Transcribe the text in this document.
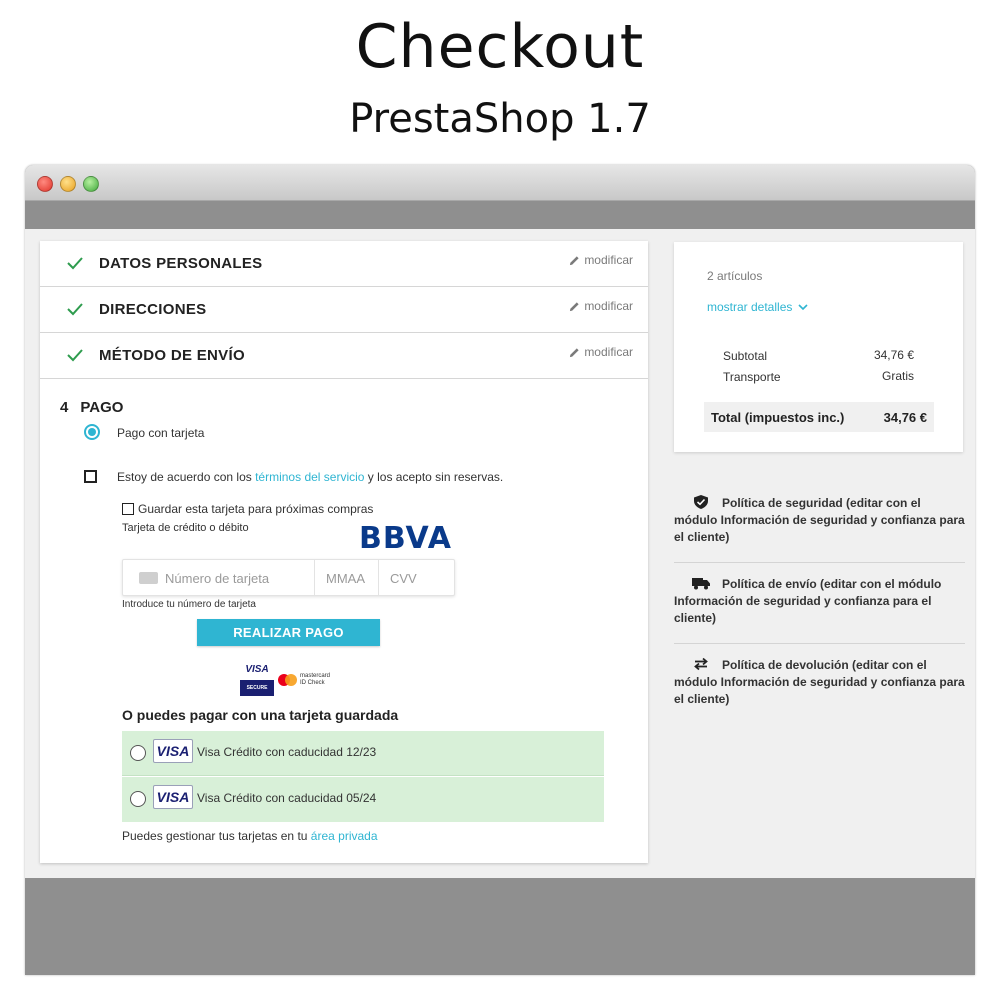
Checkout
PrestaShop 1.7
DATOS PERSONALES	modificar
DIRECCIONES	modificar
MÉTODO DE ENVÍO	modificar
4 PAGO
Pago con tarjeta
Estoy de acuerdo con los términos del servicio y los acepto sin reservas.
Guardar esta tarjeta para próximas compras
Tarjeta de crédito o débito	BBVA
Número de tarjeta	MMAA CVV
Introduce tu número de tarjeta
REALIZAR PAGO
VISA
SECURE
mastercard
ID Check
O puedes pagar con una tarjeta guardada
VISA Visa Crédito con caducidad 12/23
VISA Visa Crédito con caducidad 05/24
Puedes gestionar tus tarjetas en tu área privada
2 artículos
mostrar detalles
Subtotal	34,76 €
Transporte	Gratis
Total (impuestos inc.)	34,76 €
Política de seguridad (editar con el módulo Información de seguridad y confianza para el cliente)
Política de envío (editar con el módulo Información de seguridad y confianza para el cliente)
Política de devolución (editar con el módulo Información de seguridad y confianza para el cliente)
